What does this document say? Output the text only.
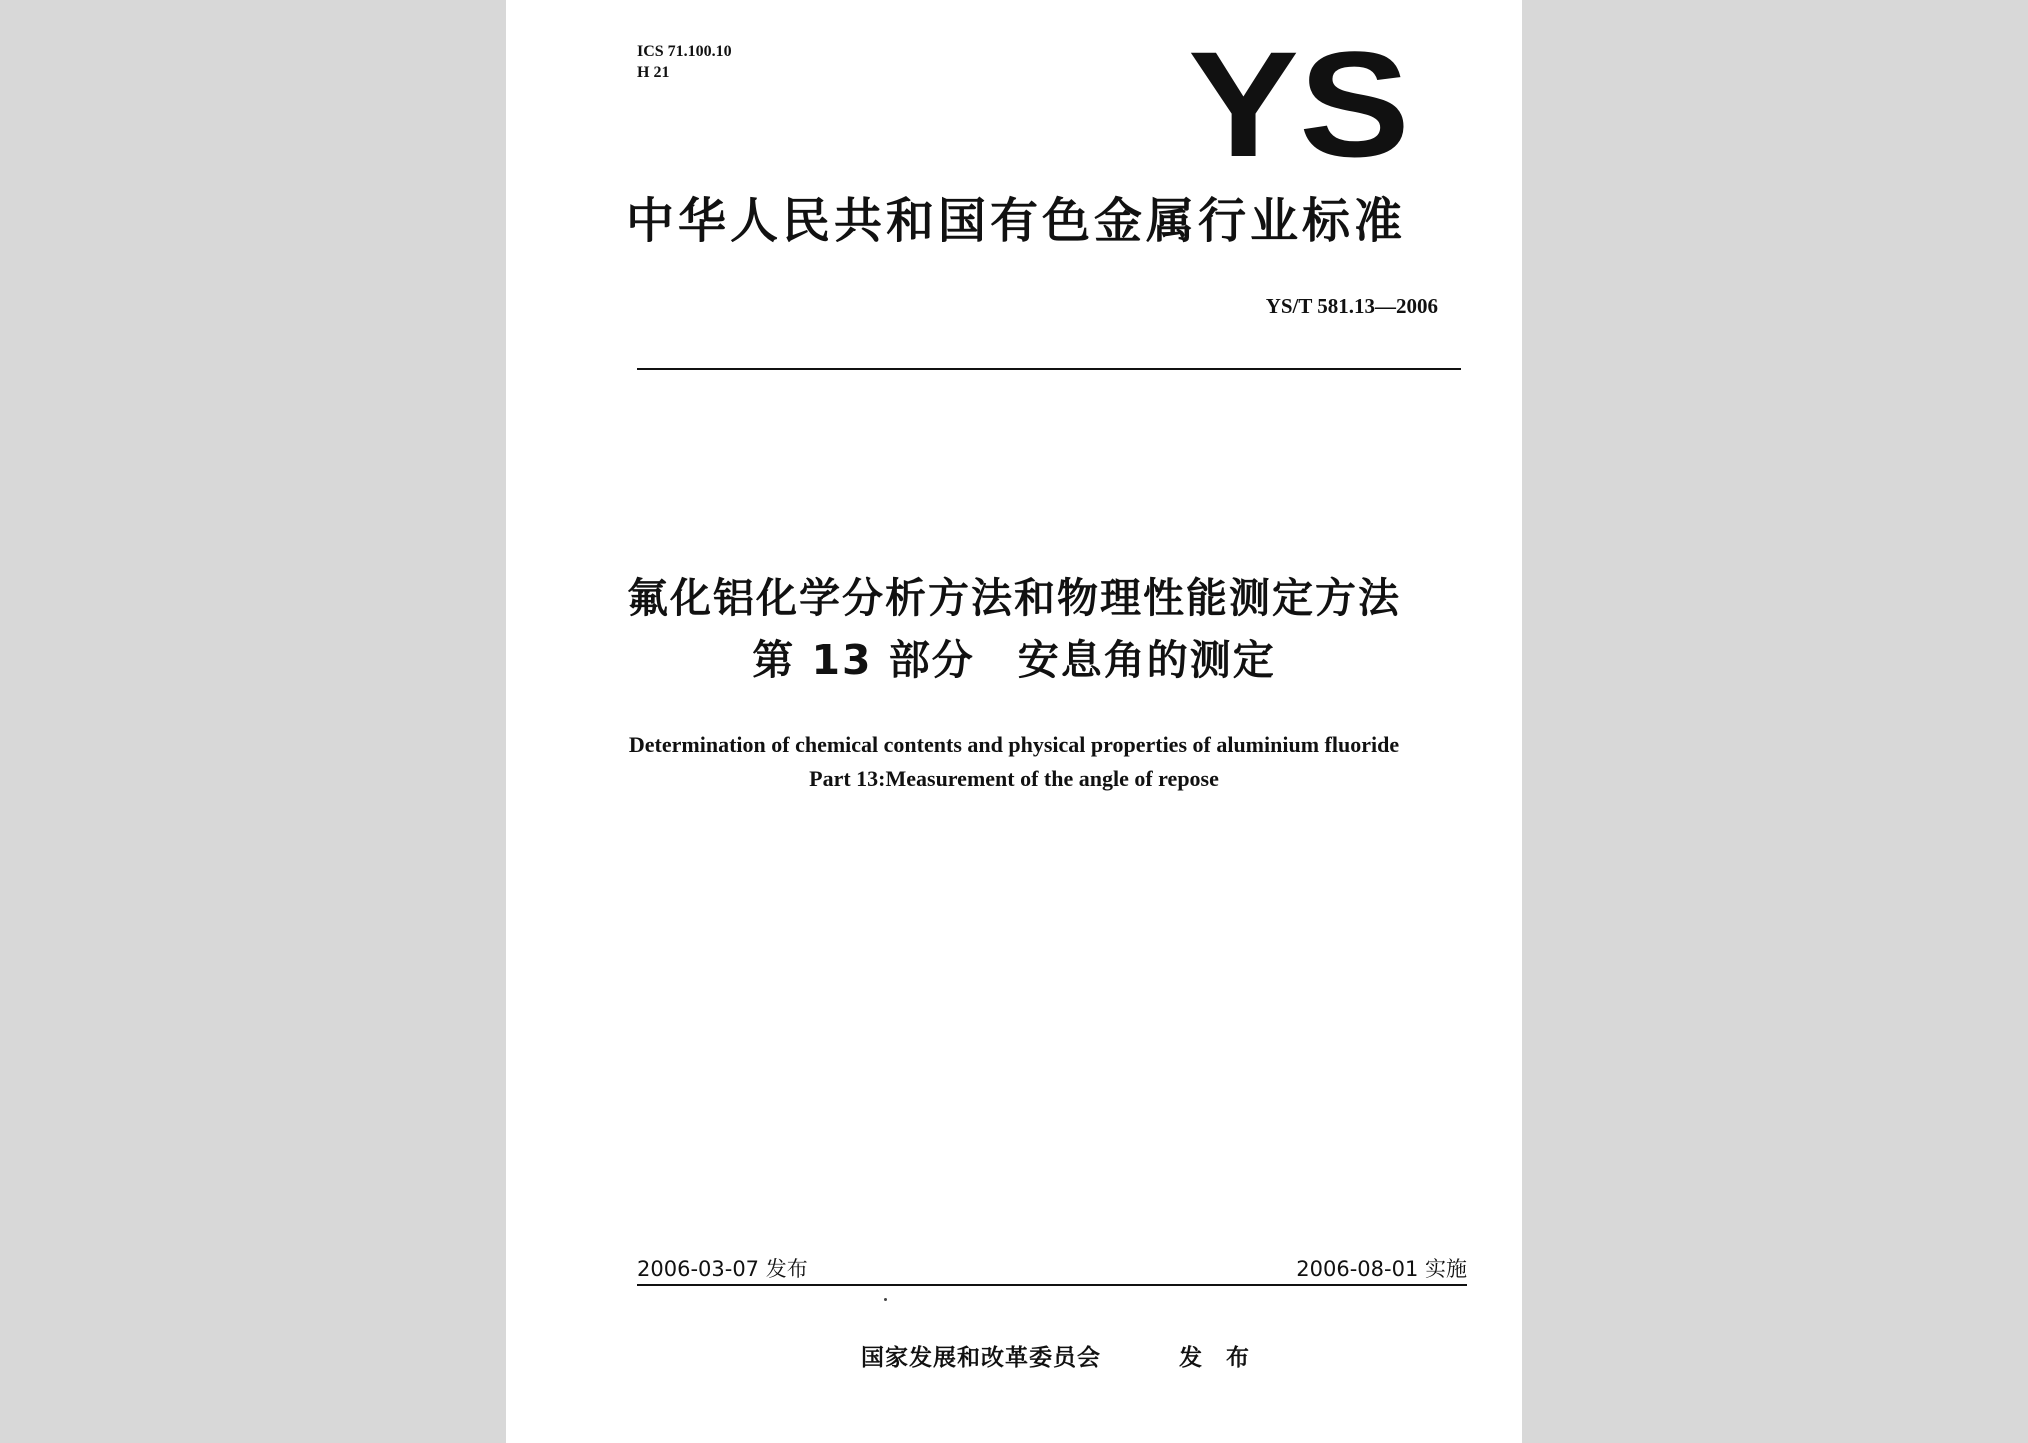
ICS 71.100.10
H 21	YS
中华人民共和国有色金属行业标准
YS/T 581.13—2006
氟化铝化学分析方法和物理性能测定方法
第 13 部分　安息角的测定
Determination of chemical contents and physical properties of aluminium fluoride
Part 13:Measurement of the angle of repose
2006-03-07 发布	2006-08-01 实施
国家发展和改革委员会	发 布
